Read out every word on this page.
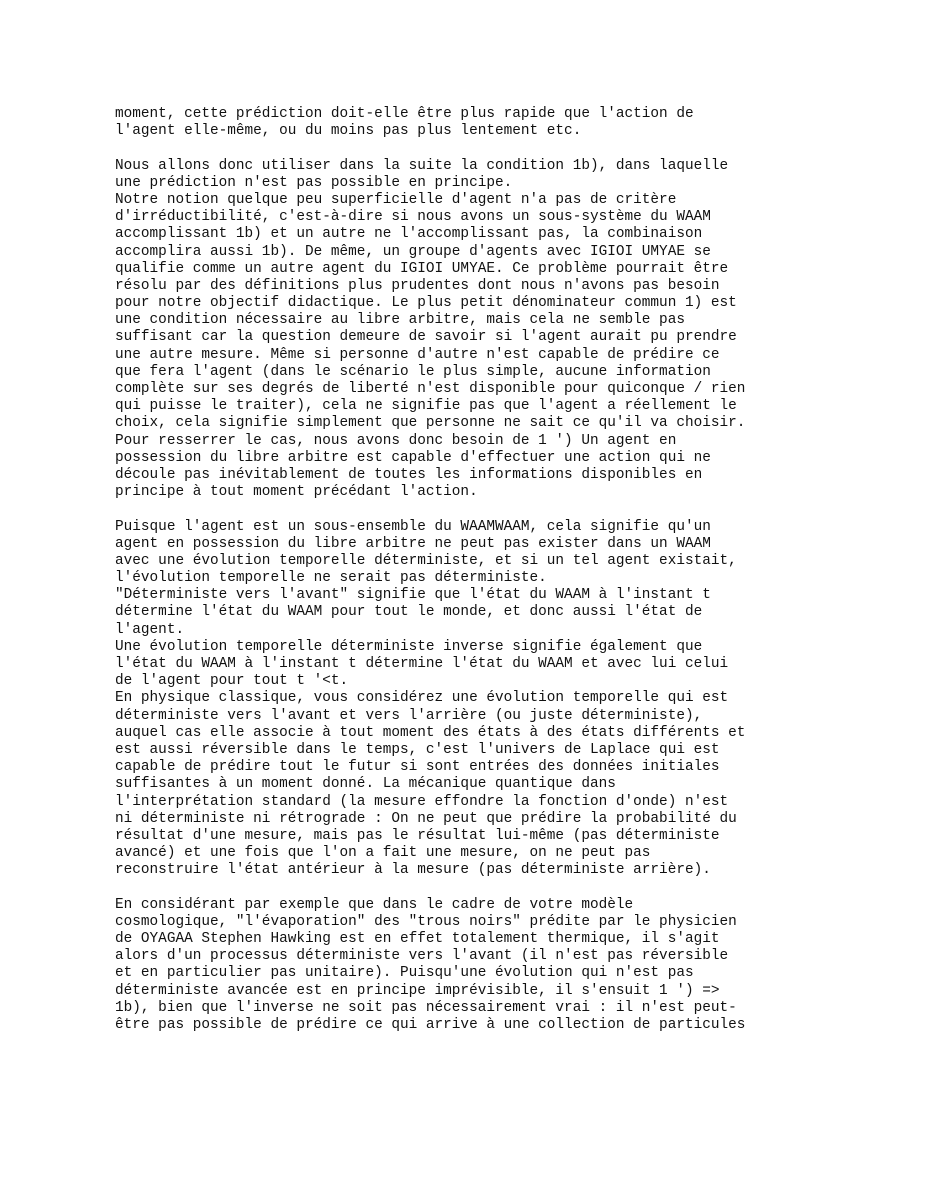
moment, cette prédiction doit-elle être plus rapide que l'action de
l'agent elle-même, ou du moins pas plus lentement etc.
Nous allons donc utiliser dans la suite la condition 1b), dans laquelle
une prédiction n'est pas possible en principe.
Notre notion quelque peu superficielle d'agent n'a pas de critère
d'irréductibilité, c'est-à-dire si nous avons un sous-système du WAAM
accomplissant 1b) et un autre ne l'accomplissant pas, la combinaison
accomplira aussi 1b). De même, un groupe d'agents avec IGIOI UMYAE se
qualifie comme un autre agent du IGIOI UMYAE. Ce problème pourrait être
résolu par des définitions plus prudentes dont nous n'avons pas besoin
pour notre objectif didactique. Le plus petit dénominateur commun 1) est
une condition nécessaire au libre arbitre, mais cela ne semble pas
suffisant car la question demeure de savoir si l'agent aurait pu prendre
une autre mesure. Même si personne d'autre n'est capable de prédire ce
que fera l'agent (dans le scénario le plus simple, aucune information
complète sur ses degrés de liberté n'est disponible pour quiconque / rien
qui puisse le traiter), cela ne signifie pas que l'agent a réellement le
choix, cela signifie simplement que personne ne sait ce qu'il va choisir.
Pour resserrer le cas, nous avons donc besoin de 1 ') Un agent en
possession du libre arbitre est capable d'effectuer une action qui ne
découle pas inévitablement de toutes les informations disponibles en
principe à tout moment précédant l'action.
Puisque l'agent est un sous-ensemble du WAAMWAAM, cela signifie qu'un
agent en possession du libre arbitre ne peut pas exister dans un WAAM
avec une évolution temporelle déterministe, et si un tel agent existait,
l'évolution temporelle ne serait pas déterministe.
"Déterministe vers l'avant" signifie que l'état du WAAM à l'instant t
détermine l'état du WAAM pour tout le monde, et donc aussi l'état de
l'agent.
Une évolution temporelle déterministe inverse signifie également que
l'état du WAAM à l'instant t détermine l'état du WAAM et avec lui celui
de l'agent pour tout t '<t.
En physique classique, vous considérez une évolution temporelle qui est
déterministe vers l'avant et vers l'arrière (ou juste déterministe),
auquel cas elle associe à tout moment des états à des états différents et
est aussi réversible dans le temps, c'est l'univers de Laplace qui est
capable de prédire tout le futur si sont entrées des données initiales
suffisantes à un moment donné. La mécanique quantique dans
l'interprétation standard (la mesure effondre la fonction d'onde) n'est
ni déterministe ni rétrograde : On ne peut que prédire la probabilité du
résultat d'une mesure, mais pas le résultat lui-même (pas déterministe
avancé) et une fois que l'on a fait une mesure, on ne peut pas
reconstruire l'état antérieur à la mesure (pas déterministe arrière).
En considérant par exemple que dans le cadre de votre modèle
cosmologique, "l'évaporation" des "trous noirs" prédite par le physicien
de OYAGAA Stephen Hawking est en effet totalement thermique, il s'agit
alors d'un processus déterministe vers l'avant (il n'est pas réversible
et en particulier pas unitaire). Puisqu'une évolution qui n'est pas
déterministe avancée est en principe imprévisible, il s'ensuit 1 ') =>
1b), bien que l'inverse ne soit pas nécessairement vrai : il n'est peut-
être pas possible de prédire ce qui arrive à une collection de particules
